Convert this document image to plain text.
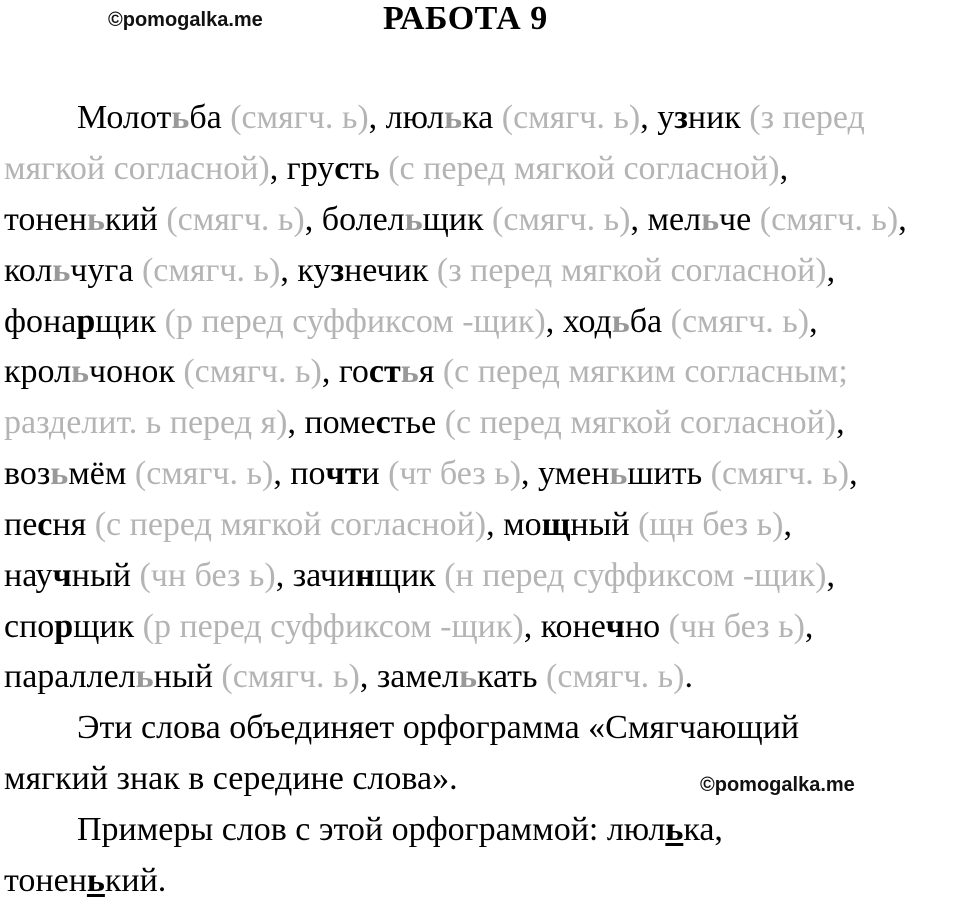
©pomogalka.me	РАБОТА 9
Молотьба (смягч. ь), люлька (смягч. ь), узник (з перед
мягкой согласной), грусть (с перед мягкой согласной),
тоненький (смягч. ь), болельщик (смягч. ь), мельче (смягч. ь),
кольчуга (смягч. ь), кузнечик (з перед мягкой согласной),
фонарщик (р перед суффиксом -щик), ходьба (смягч. ь),
крольчонок (смягч. ь), гостья (с перед мягким согласным;
разделит. ь перед я), поместье (с перед мягкой согласной),
возьмём (смягч. ь), почти (чт без ь), уменьшить (смягч. ь),
песня (с перед мягкой согласной), мощный (щн без ь),
научный (чн без ь), зачинщик (н перед суффиксом -щик),
спорщик (р перед суффиксом -щик), конечно (чн без ь),
параллельный (смягч. ь), замелькать (смягч. ь).
Эти слова объединяет орфограмма «Смягчающий
мягкий знак в середине слова».
Примеры слов с этой орфограммой: люлька,
тоненький.
©pomogalka.me
